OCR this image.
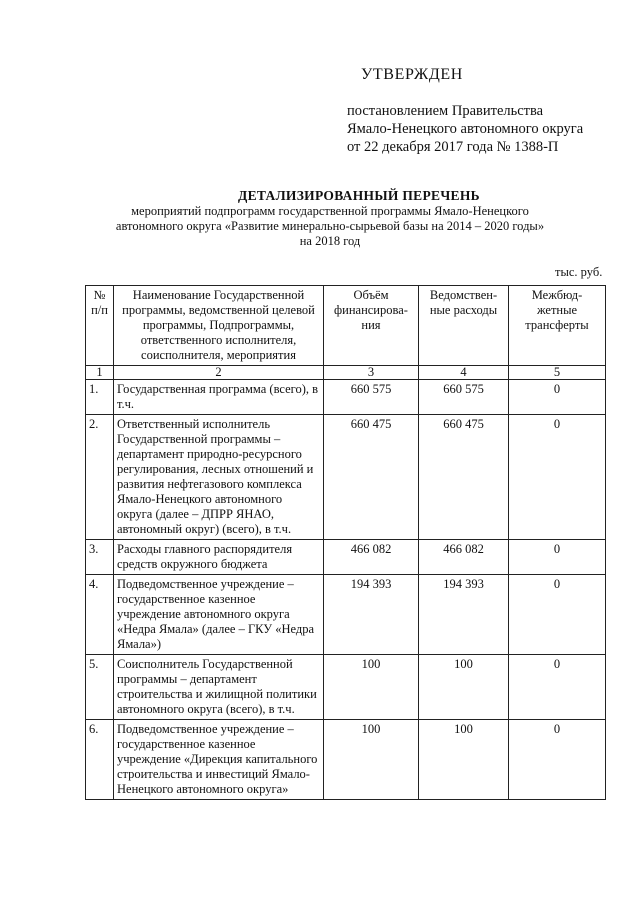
УТВЕРЖДЕН
постановлением Правительства
Ямало-Ненецкого автономного округа
от 22 декабря 2017 года № 1388-П
ДЕТАЛИЗИРОВАННЫЙ ПЕРЕЧЕНЬ
мероприятий подпрограмм государственной программы Ямало-Ненецкого
автономного округа «Развитие минерально-сырьевой базы на 2014 – 2020 годы»
на 2018 год
тыс. руб.
№ п/п	Наименование Государственной программы, ведомственной целевой программы, Подпрограммы, ответственного исполнителя, соисполнителя, мероприятия	Объём финансирова-ния	Ведомствен-ные расходы	Межбюд-жетные трансферты
1	2	3	4	5
1.	Государственная программа (всего), в т.ч.	660 575	660 575	0
2.	Ответственный исполнитель Государственной программы – департамент природно-ресурсного регулирования, лесных отношений и развития нефтегазового комплекса Ямало-Ненецкого автономного округа (далее – ДПРР ЯНАО, автономный округ) (всего), в т.ч.	660 475	660 475	0
3.	Расходы главного распорядителя средств окружного бюджета	466 082	466 082	0
4.	Подведомственное учреждение – государственное казенное учреждение автономного округа «Недра Ямала» (далее – ГКУ «Недра Ямала»)	194 393	194 393	0
5.	Соисполнитель Государственной программы – департамент строительства и жилищной политики автономного округа (всего), в т.ч.	100	100	0
6.	Подведомственное учреждение – государственное казенное учреждение «Дирекция капитального строительства и инвестиций Ямало-Ненецкого автономного округа»	100	100	0
